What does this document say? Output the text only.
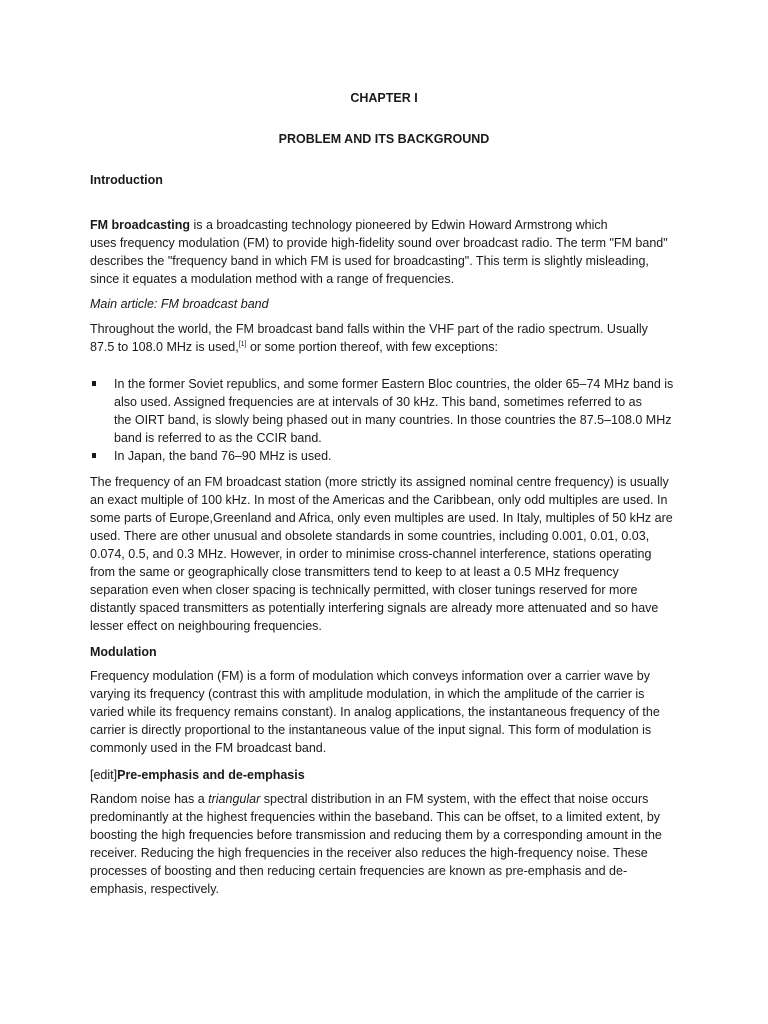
CHAPTER I
PROBLEM AND ITS BACKGROUND
Introduction

FM broadcasting is a broadcasting technology pioneered by Edwin Howard Armstrong which
uses frequency modulation (FM) to provide high-fidelity sound over broadcast radio. The term "FM band"
describes the "frequency band in which FM is used for broadcasting". This term is slightly misleading,
since it equates a modulation method with a range of frequencies.

Main article: FM broadcast band

Throughout the world, the FM broadcast band falls within the VHF part of the radio spectrum. Usually
87.5 to 108.0 MHz is used,[1] or some portion thereof, with few exceptions:

In the former Soviet republics, and some former Eastern Bloc countries, the older 65–74 MHz band is
also used. Assigned frequencies are at intervals of 30 kHz. This band, sometimes referred to as
the OIRT band, is slowly being phased out in many countries. In those countries the 87.5–108.0 MHz
band is referred to as the CCIR band.
In Japan, the band 76–90 MHz is used.

The frequency of an FM broadcast station (more strictly its assigned nominal centre frequency) is usually
an exact multiple of 100 kHz. In most of the Americas and the Caribbean, only odd multiples are used. In
some parts of Europe,Greenland and Africa, only even multiples are used. In Italy, multiples of 50 kHz are
used. There are other unusual and obsolete standards in some countries, including 0.001, 0.01, 0.03,
0.074, 0.5, and 0.3 MHz. However, in order to minimise cross-channel interference, stations operating
from the same or geographically close transmitters tend to keep to at least a 0.5 MHz frequency
separation even when closer spacing is technically permitted, with closer tunings reserved for more
distantly spaced transmitters as potentially interfering signals are already more attenuated and so have
lesser effect on neighbouring frequencies.

Modulation

Frequency modulation (FM) is a form of modulation which conveys information over a carrier wave by
varying its frequency (contrast this with amplitude modulation, in which the amplitude of the carrier is
varied while its frequency remains constant). In analog applications, the instantaneous frequency of the
carrier is directly proportional to the instantaneous value of the input signal. This form of modulation is
commonly used in the FM broadcast band.

[edit]Pre-emphasis and de-emphasis

Random noise has a triangular spectral distribution in an FM system, with the effect that noise occurs
predominantly at the highest frequencies within the baseband. This can be offset, to a limited extent, by
boosting the high frequencies before transmission and reducing them by a corresponding amount in the
receiver. Reducing the high frequencies in the receiver also reduces the high-frequency noise. These
processes of boosting and then reducing certain frequencies are known as pre-emphasis and de-
emphasis, respectively.
